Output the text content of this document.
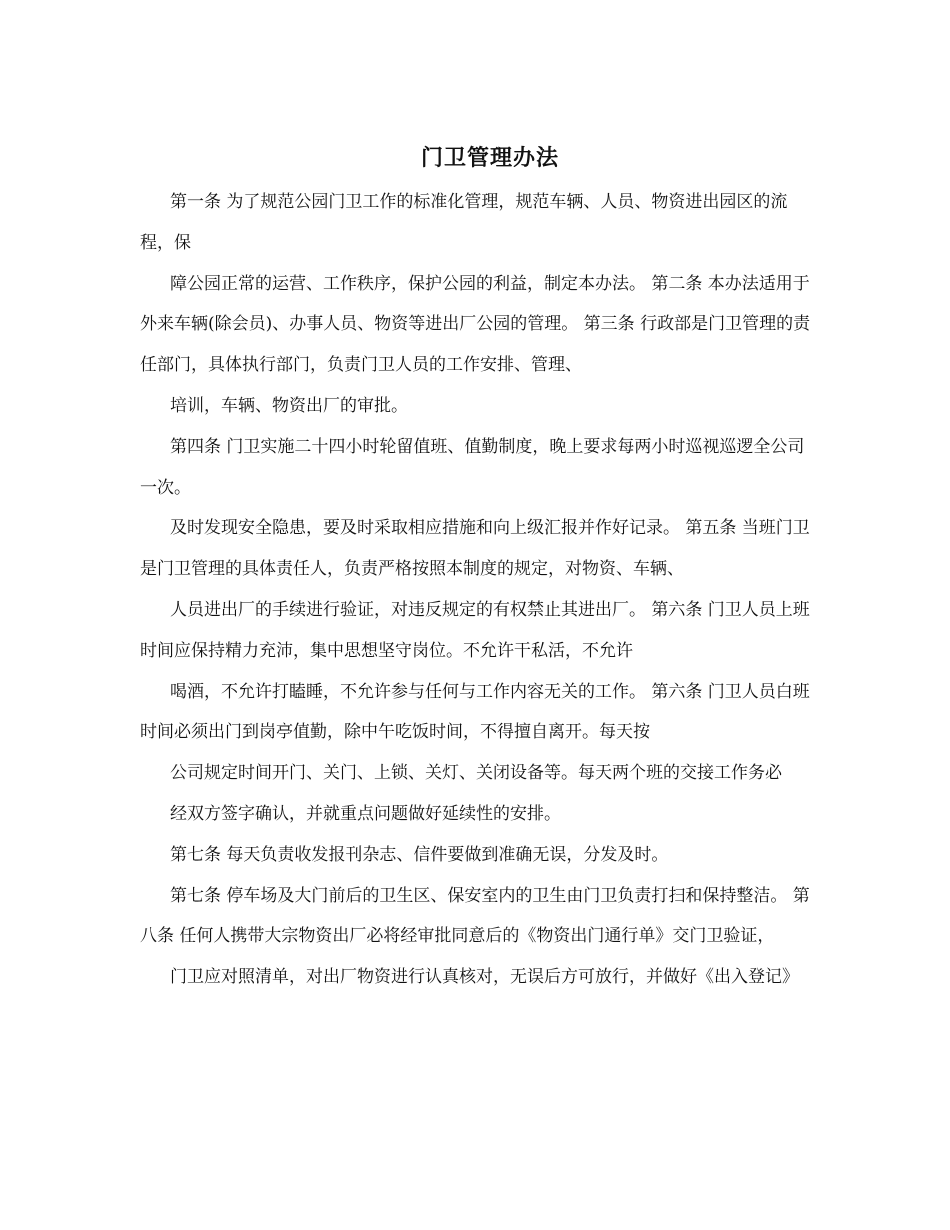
门卫管理办法

第一条 为了规范公园门卫工作的标准化管理，规范车辆、人员、物资进出园区的流程，保

障公园正常的运营、工作秩序，保护公园的利益，制定本办法。 第二条 本办法适用于外来车辆(除会员)、办事人员、物资等进出厂公园的管理。 第三条 行政部是门卫管理的责任部门，具体执行部门，负责门卫人员的工作安排、管理、

培训，车辆、物资出厂的审批。

第四条 门卫实施二十四小时轮留值班、值勤制度，晚上要求每两小时巡视巡逻全公司一次。

及时发现安全隐患，要及时采取相应措施和向上级汇报并作好记录。 第五条 当班门卫是门卫管理的具体责任人，负责严格按照本制度的规定，对物资、车辆、

人员进出厂的手续进行验证，对违反规定的有权禁止其进出厂。 第六条 门卫人员上班时间应保持精力充沛，集中思想坚守岗位。不允许干私活，不允许

喝酒，不允许打瞌睡，不允许参与任何与工作内容无关的工作。 第六条 门卫人员白班时间必须出门到岗亭值勤，除中午吃饭时间，不得擅自离开。每天按

公司规定时间开门、关门、上锁、关灯、关闭设备等。每天两个班的交接工作务必

经双方签字确认，并就重点问题做好延续性的安排。

第七条 每天负责收发报刊杂志、信件要做到准确无误，分发及时。

第七条 停车场及大门前后的卫生区、保安室内的卫生由门卫负责打扫和保持整洁。 第八条 任何人携带大宗物资出厂必将经审批同意后的《物资出门通行单》交门卫验证，

门卫应对照清单，对出厂物资进行认真核对，无误后方可放行，并做好《出入登记》
